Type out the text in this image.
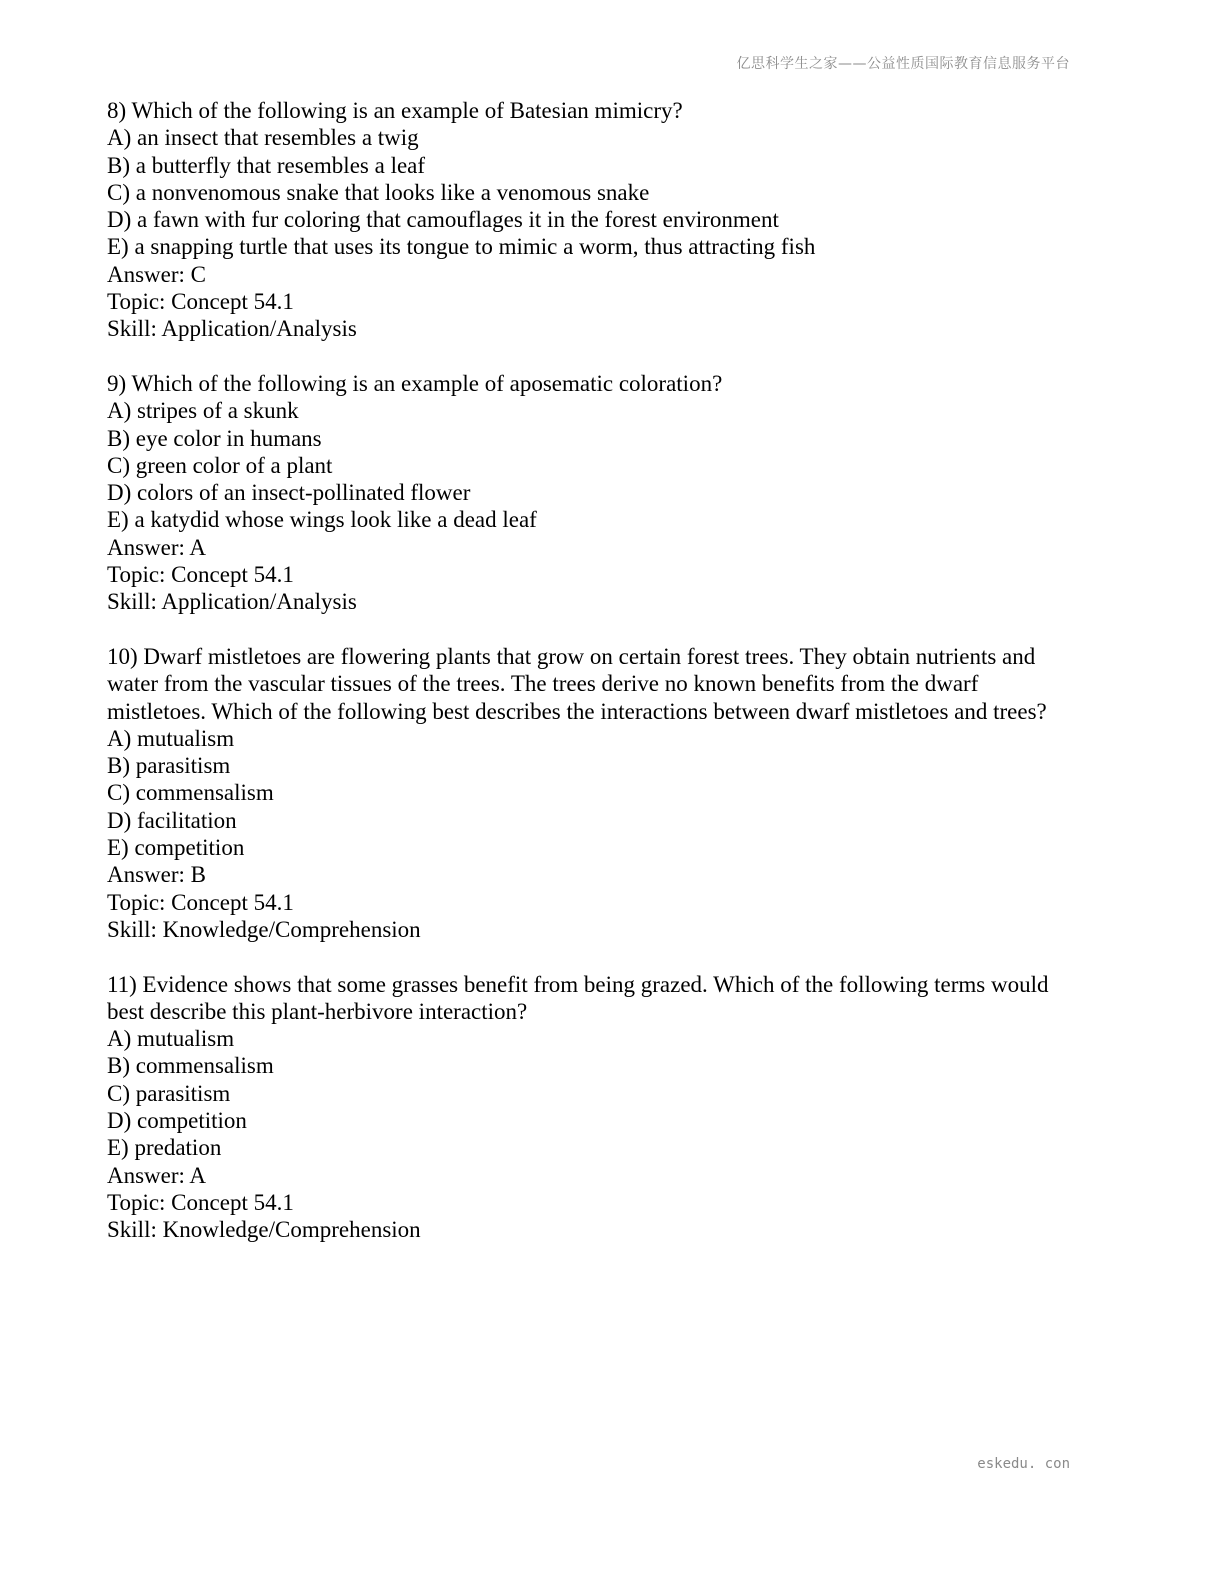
亿思科学生之家——公益性质国际教育信息服务平台
8) Which of the following is an example of Batesian mimicry?
A) an insect that resembles a twig
B) a butterfly that resembles a leaf
C) a nonvenomous snake that looks like a venomous snake
D) a fawn with fur coloring that camouflages it in the forest environment
E) a snapping turtle that uses its tongue to mimic a worm, thus attracting fish
Answer: C
Topic: Concept 54.1
Skill: Application/Analysis
9) Which of the following is an example of aposematic coloration?
A) stripes of a skunk
B) eye color in humans
C) green color of a plant
D) colors of an insect-pollinated flower
E) a katydid whose wings look like a dead leaf
Answer: A
Topic: Concept 54.1
Skill: Application/Analysis
10) Dwarf mistletoes are flowering plants that grow on certain forest trees. They obtain nutrients and
water from the vascular tissues of the trees. The trees derive no known benefits from the dwarf
mistletoes. Which of the following best describes the interactions between dwarf mistletoes and trees?
A) mutualism
B) parasitism
C) commensalism
D) facilitation
E) competition
Answer: B
Topic: Concept 54.1
Skill: Knowledge/Comprehension
11) Evidence shows that some grasses benefit from being grazed. Which of the following terms would
best describe this plant-herbivore interaction?
A) mutualism
B) commensalism
C) parasitism
D) competition
E) predation
Answer: A
Topic: Concept 54.1
Skill: Knowledge/Comprehension
eskedu. con
